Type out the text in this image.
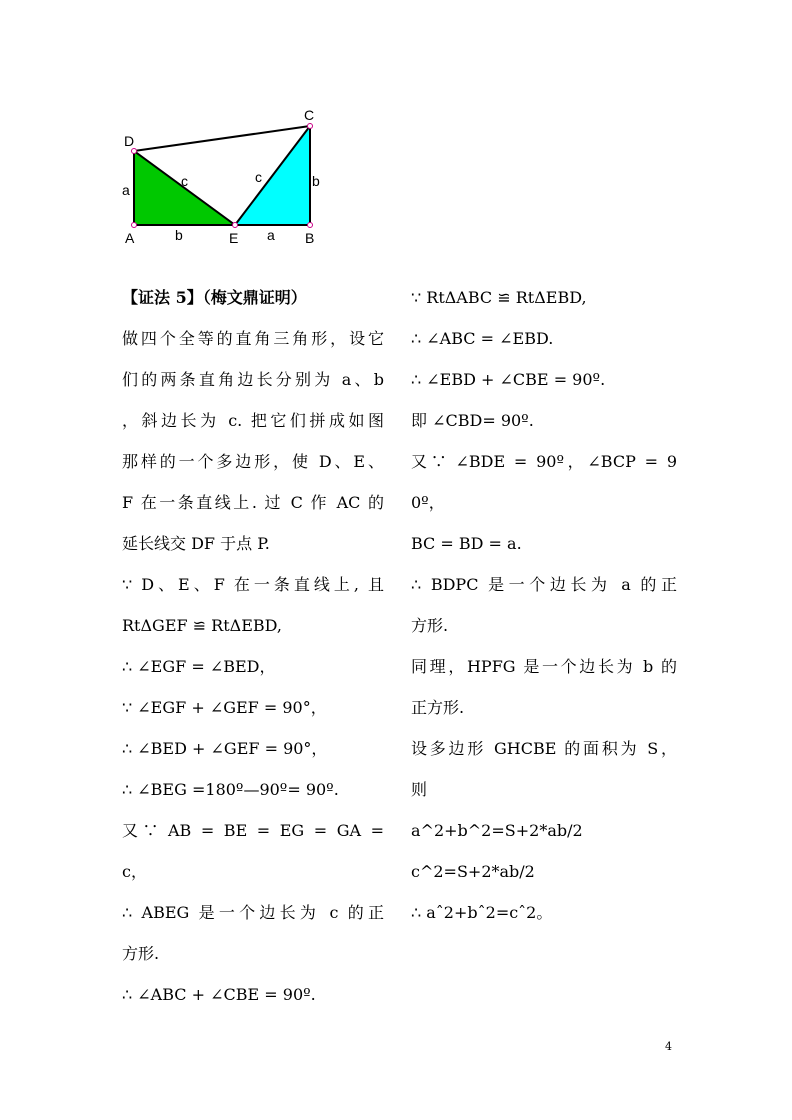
C
D
a
c	c	b
A	b	E a B
【证法 5】（梅文鼎证明）
做四个全等的直角三角形，设它
们的两条直角边长分别为 a、b
，斜边长为 c. 把它们拼成如图
那样的一个多边形，使 D、E、
F 在一条直线上. 过 C 作 AC 的
延长线交 DF 于点 P.
∵ D、E、F 在一条直线上, 且
RtΔGEF ≌ RtΔEBD,
∴ ∠EGF = ∠BED，
∵ ∠EGF + ∠GEF = 90°，
∴ ∠BED + ∠GEF = 90°，
∴ ∠BEG =180º—90º= 90º.
又∵ AB = BE = EG = GA =
c，
∴ ABEG 是一个边长为 c 的正
方形.
∴ ∠ABC + ∠CBE = 90º.
∵ RtΔABC ≌ RtΔEBD,
∴ ∠ABC = ∠EBD.
∴ ∠EBD + ∠CBE = 90º.
即 ∠CBD= 90º.
又∵ ∠BDE = 90º，∠BCP = 9
0º，
BC = BD = a.
∴ BDPC 是一个边长为 a 的正
方形.
同理，HPFG 是一个边长为 b 的
正方形.
设多边形 GHCBE 的面积为 S，
则
a^2+b^2=S+2*ab/2
c^2=S+2*ab/2
∴ aˆ2+bˆ2=cˆ2。
4
